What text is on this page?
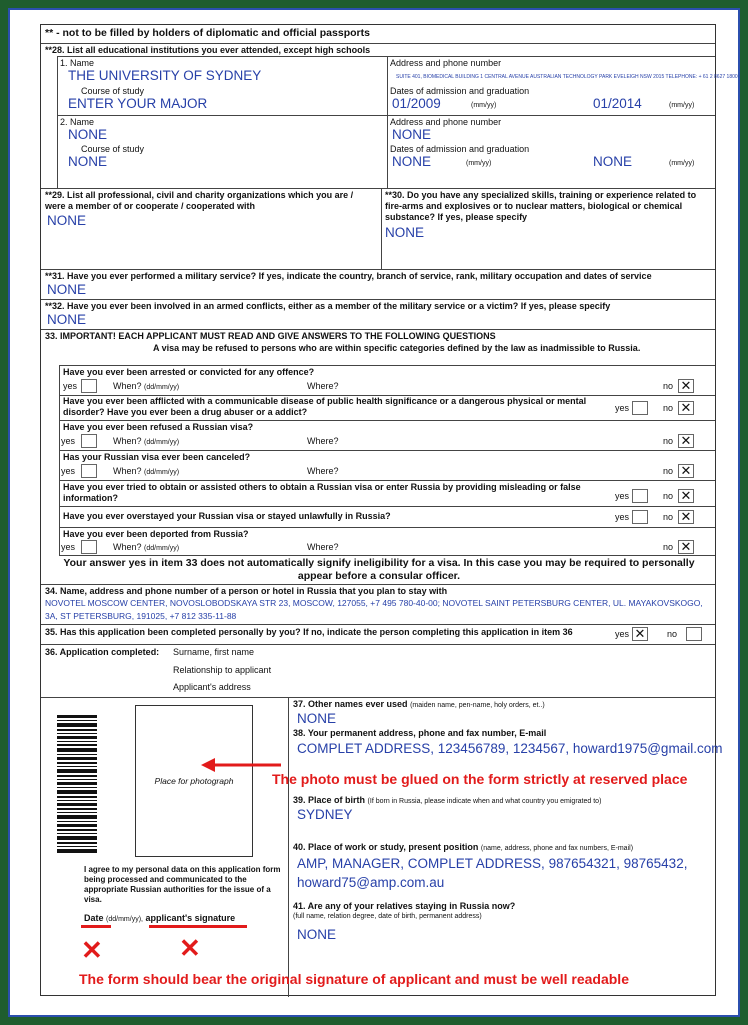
** - not to be filled by holders of diplomatic and official passports
**28. List all educational institutions you ever attended, except high schools
1. Name
THE UNIVERSITY OF SYDNEY
Course of study
ENTER YOUR MAJOR
Address and phone number
SUITE 401, BIOMEDICAL BUILDING 1 CENTRAL AVENUE AUSTRALIAN TECHNOLOGY PARK EVELEIGH NSW 2015 TELEPHONE: + 61 2 8627 1800
Dates of admission and graduation
01/2009	(mm/yy)	01/2014	(mm/yy)
2. Name
NONE
Course of study
NONE
Address and phone number
NONE
Dates of admission and graduation
NONE	(mm/yy)	NONE	(mm/yy)
**29. List all professional, civil and charity organizations which you are / were a member of or cooperate / cooperated with
NONE
**30. Do you have any specialized skills, training or experience related to fire-arms and explosives or to nuclear matters, biological or chemical substance? If yes, please specify
NONE
**31. Have you ever performed a military service? If yes, indicate the country, branch of service, rank, military occupation and dates of service
NONE
**32. Have you ever been involved in an armed conflicts, either as a member of the military service or a victim? If yes, please specify
NONE
33. IMPORTANT! EACH APPLICANT MUST READ AND GIVE ANSWERS TO THE FOLLOWING QUESTIONS
A visa may be refused to persons who are within specific categories defined by the law as inadmissible to Russia.
Have you ever been arrested or convicted for any offence?
yes	When? (dd/mm/yy)	Where?	no ✕
Have you ever been afflicted with a communicable disease of public health significance or a dangerous physical or mental disorder? Have you ever been a drug abuser or a addict?	yes	no ✕
Have you ever been refused a Russian visa?
yes	When? (dd/mm/yy)	Where?	no ✕
Has your Russian visa ever been canceled?
yes	When? (dd/mm/yy)	Where?	no ✕
Have you ever tried to obtain or assisted others to obtain a Russian visa or enter Russia by providing misleading or false information?	yes	no ✕
Have you ever overstayed your Russian visa or stayed unlawfully in Russia?	yes	no ✕
Have you ever been deported from Russia?
yes	When? (dd/mm/yy)	Where?	no ✕
Your answer yes in item 33 does not automatically signify ineligibility for a visa. In this case you may be required to personally appear before a consular officer.
34. Name, address and phone number of a person or hotel in Russia that you plan to stay with
NOVOTEL MOSCOW CENTER, NOVOSLOBODSKAYA STR 23, MOSCOW, 127055, +7 495 780-40-00; NOVOTEL SAINT PETERSBURG CENTER, UL. MAYAKOVSKOGO, 3A, ST PETERSBURG, 191025, +7 812 335-11-88
35. Has this application been completed personally by you? If no, indicate the person completing this application in item 36	yes ✕ no
36. Application completed: Surname, first name
Relationship to applicant
Applicant's address
Place for photograph
I agree to my personal data on this application form being processed and communicated to the appropriate Russian authorities for the issue of a visa.
Date (dd/mm/yy), applicant's signature
✕	✕
37. Other names ever used (maiden name, pen-name, holy orders, et..)
NONE
38. Your permanent address, phone and fax number, E-mail
COMPLET ADDRESS, 123456789, 1234567, howard1975@gmail.com
39. Place of birth (If born in Russia, please indicate when and what country you emigrated to)
SYDNEY
40. Place of work or study, present position (name, address, phone and fax numbers, E-mail)
AMP, MANAGER, COMPLET ADDRESS, 987654321, 98765432,
howard75@amp.com.au
41. Are any of your relatives staying in Russia now?
(full name, relation degree, date of birth, permanent address)
NONE
The photo must be glued on the form strictly at reserved place
The form should bear the original signature of applicant and must be well readable
